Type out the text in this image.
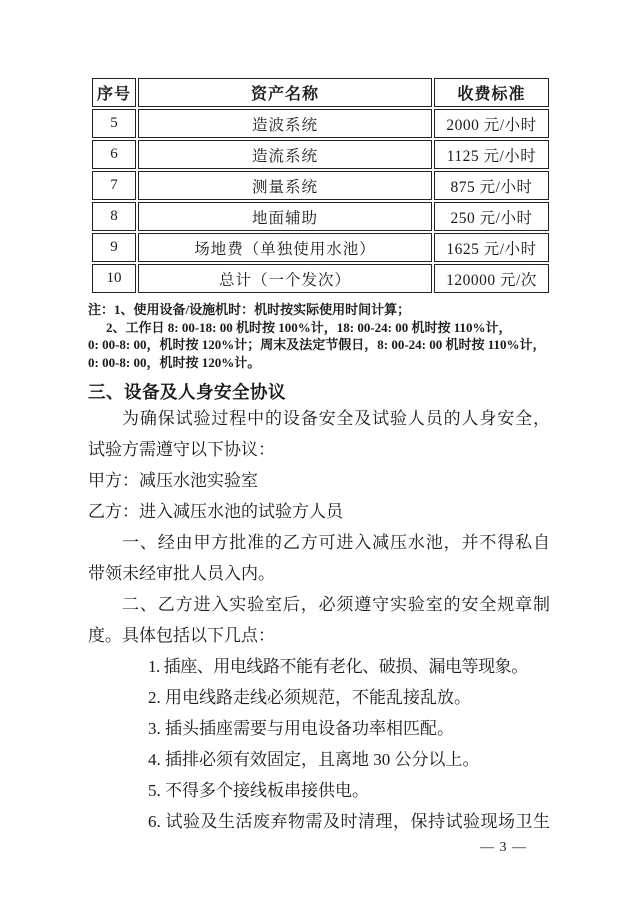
序号	资产名称	收费标准
5	造波系统	2000 元/小时
6	造流系统	1125 元/小时
7	测量系统	875 元/小时
8	地面辅助	250 元/小时
9	场地费（单独使用水池）	1625 元/小时
10	总计（一个发次）	120000 元/次
注：1、使用设备/设施机时：机时按实际使用时间计算；
2、工作日 8: 00-18: 00 机时按 100%计，18: 00-24: 00 机时按 110%计，
0: 00-8: 00，机时按 120%计；周末及法定节假日，8: 00-24: 00 机时按 110%计，
0: 00-8: 00，机时按 120%计。
三、设备及人身安全协议
为确保试验过程中的设备安全及试验人员的人身安全，
试验方需遵守以下协议：
甲方：减压水池实验室
乙方：进入减压水池的试验方人员
一、经由甲方批准的乙方可进入减压水池，并不得私自
带领未经审批人员入内。
二、乙方进入实验室后，必须遵守实验室的安全规章制
度。具体包括以下几点：
1. 插座、用电线路不能有老化、破损、漏电等现象。
2. 用电线路走线必须规范，不能乱接乱放。
3. 插头插座需要与用电设备功率相匹配。
4. 插排必须有效固定，且离地 30 公分以上。
5. 不得多个接线板串接供电。
6. 试验及生活废弃物需及时清理，保持试验现场卫生
— 3 —
